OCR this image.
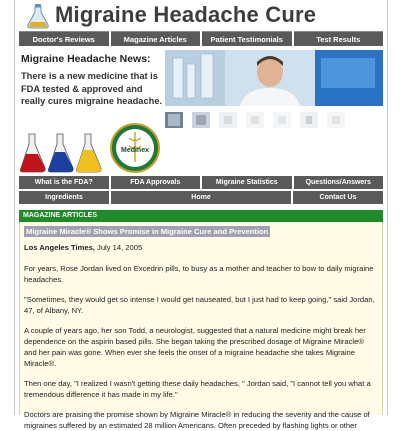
Migraine Headache Cure
Doctor's Reviews	Magazine Articles	Patient Testimonials	Test Results
Migraine Headache News:
There is a new medicine that is FDA tested & approved and really cures migraine headache.
Medinex
What is the FDA?	FDA Approvals	Migraine Statistics	Questions/Answers
Ingredients	Home	Contact Us
MAGAZINE ARTICLES
Migraine Miracle® Shows Promise in Migraine Cure and Prevention
Los Angeles Times, July 14, 2005

For years, Rose Jordan lived on Excedrin pills, to busy as a mother and teacher to bow to daily migraine headaches.

"Sometimes, they would get so intense I would get nauseated, but I just had to keep going," said Jordan, 47, of Albany, NY.

A couple of years ago, her son Todd, a neurologist, suggested that a natural medicine might break her dependence on the aspirin based pills. She began taking the prescribed dosage of Migraine Miracle® and her pain was gone. When ever she feels the onset of a migraine headache she takes Migraine Miracle®.

Then one day, "I realized I wasn't getting these daily headaches, " Jordan said, "I cannot tell you what a tremendous difference it has made in my life."

Doctors are praising the promise shown by Migraine Miracle® in reducing the severity and the cause of migraines suffered by an estimated 28 million Americans. Often preceded by flashing lights or other
